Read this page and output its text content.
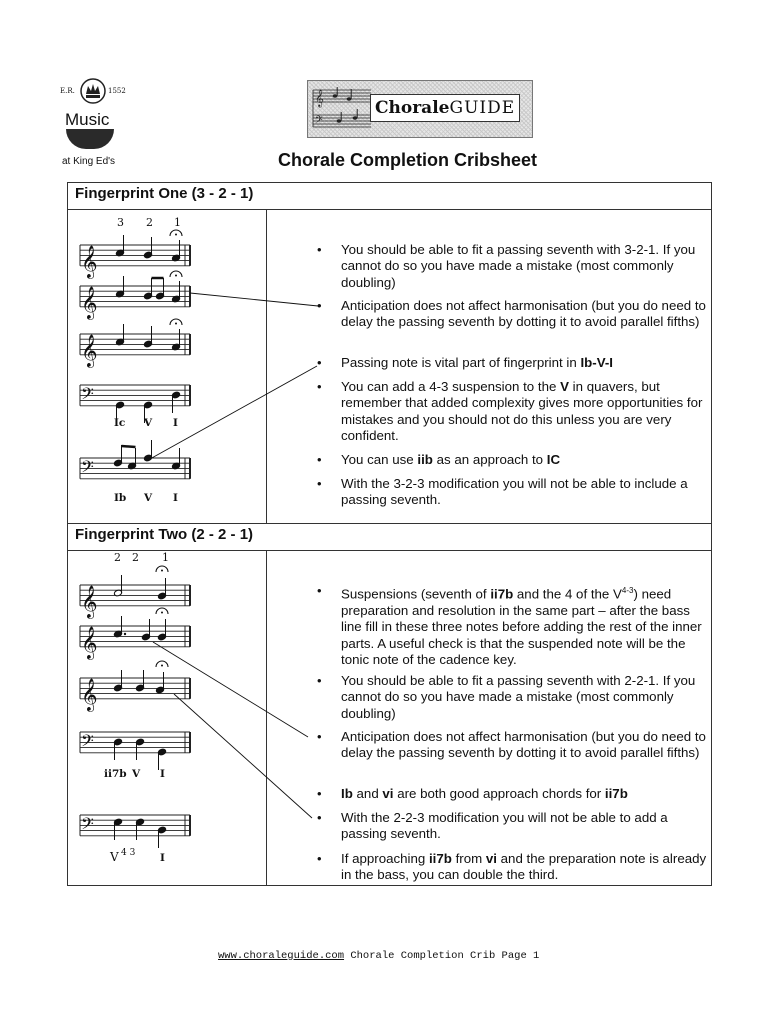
E.R.	1552
Music
at King Ed's
𝄞
𝄢
ChoraleGUIDE
Chorale Completion Cribsheet
Fingerprint One (3 - 2 - 1)
Fingerprint Two (2 - 2 - 1)
3 2 1
𝄞
𝄞
𝄞
𝄢
Ic V I
𝄢
Ib V I
2 2 1
𝄞
𝄞
𝄞
𝄢
ii7b V I
𝄢
V 4 3 I
• You should be able to fit a passing seventh with 3-2-1. If you cannot do so you have made a mistake (most commonly doubling)
• Anticipation does not affect harmonisation (but you do need to delay the passing seventh by dotting it to avoid parallel fifths)
• Passing note is vital part of fingerprint in Ib-V-I
• You can add a 4-3 suspension to the V in quavers, but remember that added complexity gives more opportunities for mistakes and you should not do this unless you are very confident.
• You can use iib as an approach to IC
• With the 3-2-3 modification you will not be able to include a passing seventh.
• Suspensions (seventh of ii7b and the 4 of the $V^{4-3}$) need preparation and resolution in the same part – after the bass line fill in these three notes before adding the rest of the inner parts. A useful check is that the suspended note will be the tonic note of the cadence key.
• You should be able to fit a passing seventh with 2-2-1. If you cannot do so you have made a mistake (most commonly doubling)
• Anticipation does not affect harmonisation (but you do need to delay the passing seventh by dotting it to avoid parallel fifths)
• Ib and vi are both good approach chords for ii7b
• With the 2-2-3 modification you will not be able to add a passing seventh.
• If approaching ii7b from vi and the preparation note is already in the bass, you can double the third.
www.choraleguide.com Chorale Completion Crib Page 1
